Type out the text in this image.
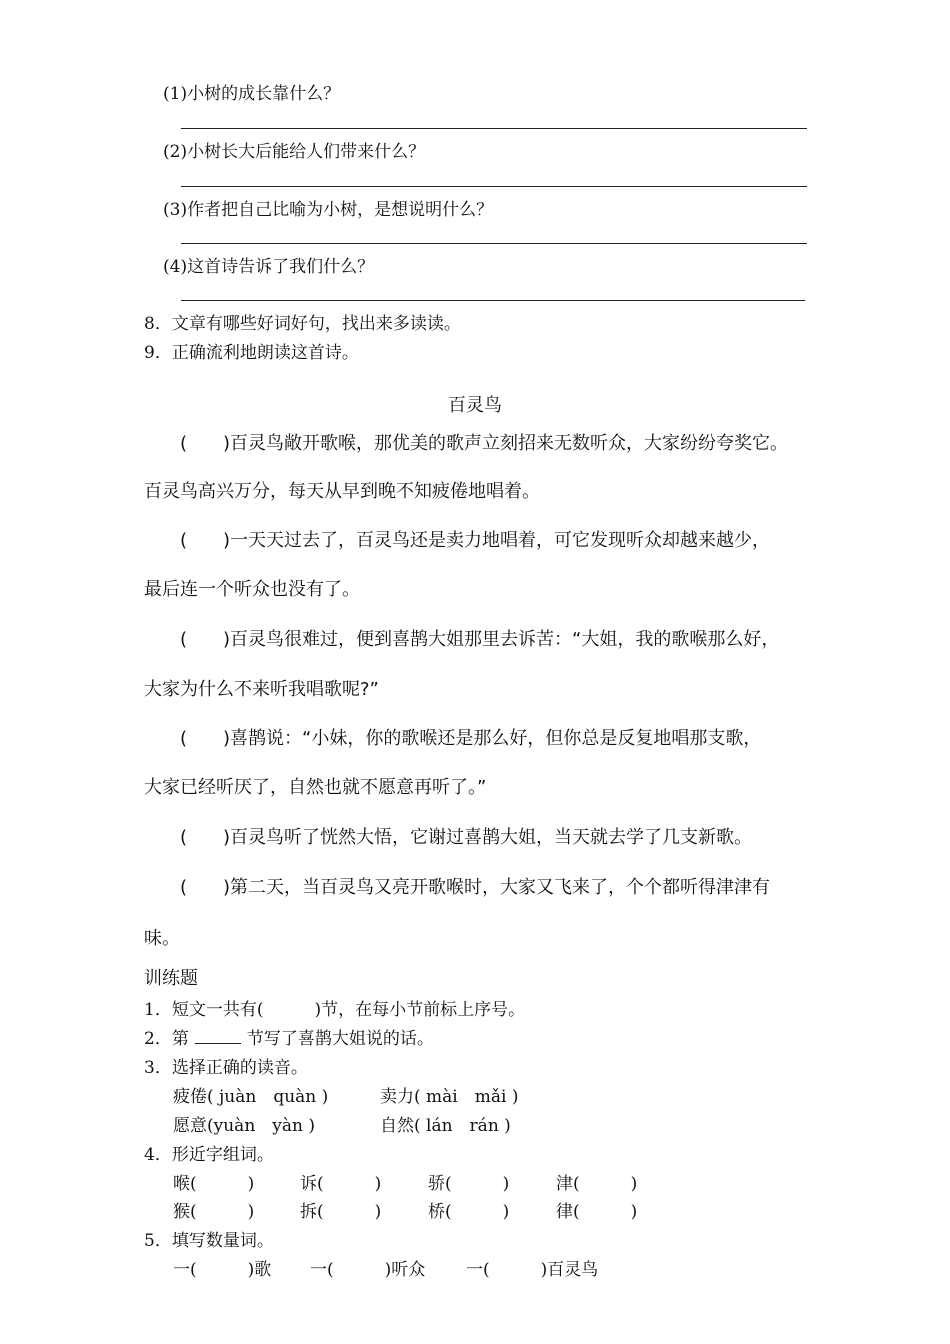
(1)小树的成长靠什么？
(2)小树长大后能给人们带来什么？
(3)作者把自己比喻为小树，是想说明什么？
(4)这首诗告诉了我们什么？
8．文章有哪些好词好句，找出来多读读。
9．正确流利地朗读这首诗。
百灵鸟
(　　)百灵鸟敞开歌喉，那优美的歌声立刻招来无数听众，大家纷纷夸奖它。
百灵鸟高兴万分，每天从早到晚不知疲倦地唱着。
(　　)一天天过去了，百灵鸟还是卖力地唱着，可它发现听众却越来越少，
最后连一个听众也没有了。
(　　)百灵鸟很难过，便到喜鹊大姐那里去诉苦：“大姐，我的歌喉那么好，
大家为什么不来听我唱歌呢?”
(　　)喜鹊说：“小妹，你的歌喉还是那么好，但你总是反复地唱那支歌，
大家已经听厌了，自然也就不愿意再听了。”
(　　)百灵鸟听了恍然大悟，它谢过喜鹊大姐，当天就去学了几支新歌。
(　　)第二天，当百灵鸟又亮开歌喉时，大家又飞来了，个个都听得津津有
味。
训练题
1．短文一共有(　　　)节，在每小节前标上序号。
2．第	节写了喜鹊大姐说的话。
3．选择正确的读音。
疲倦( juàn　quàn )	卖力( mài　mǎi )
愿意(yuàn　yàn )	自然( lán　rán )
4．形近字组词。
喉(　　　)	诉(　　　)	骄(　　　)	津(　　　)
猴(　　　)	拆(　　　)	桥(　　　)	律(　　　)
5．填写数量词。
一(　　　)歌 一(　　　)听众 一(　　　)百灵鸟
